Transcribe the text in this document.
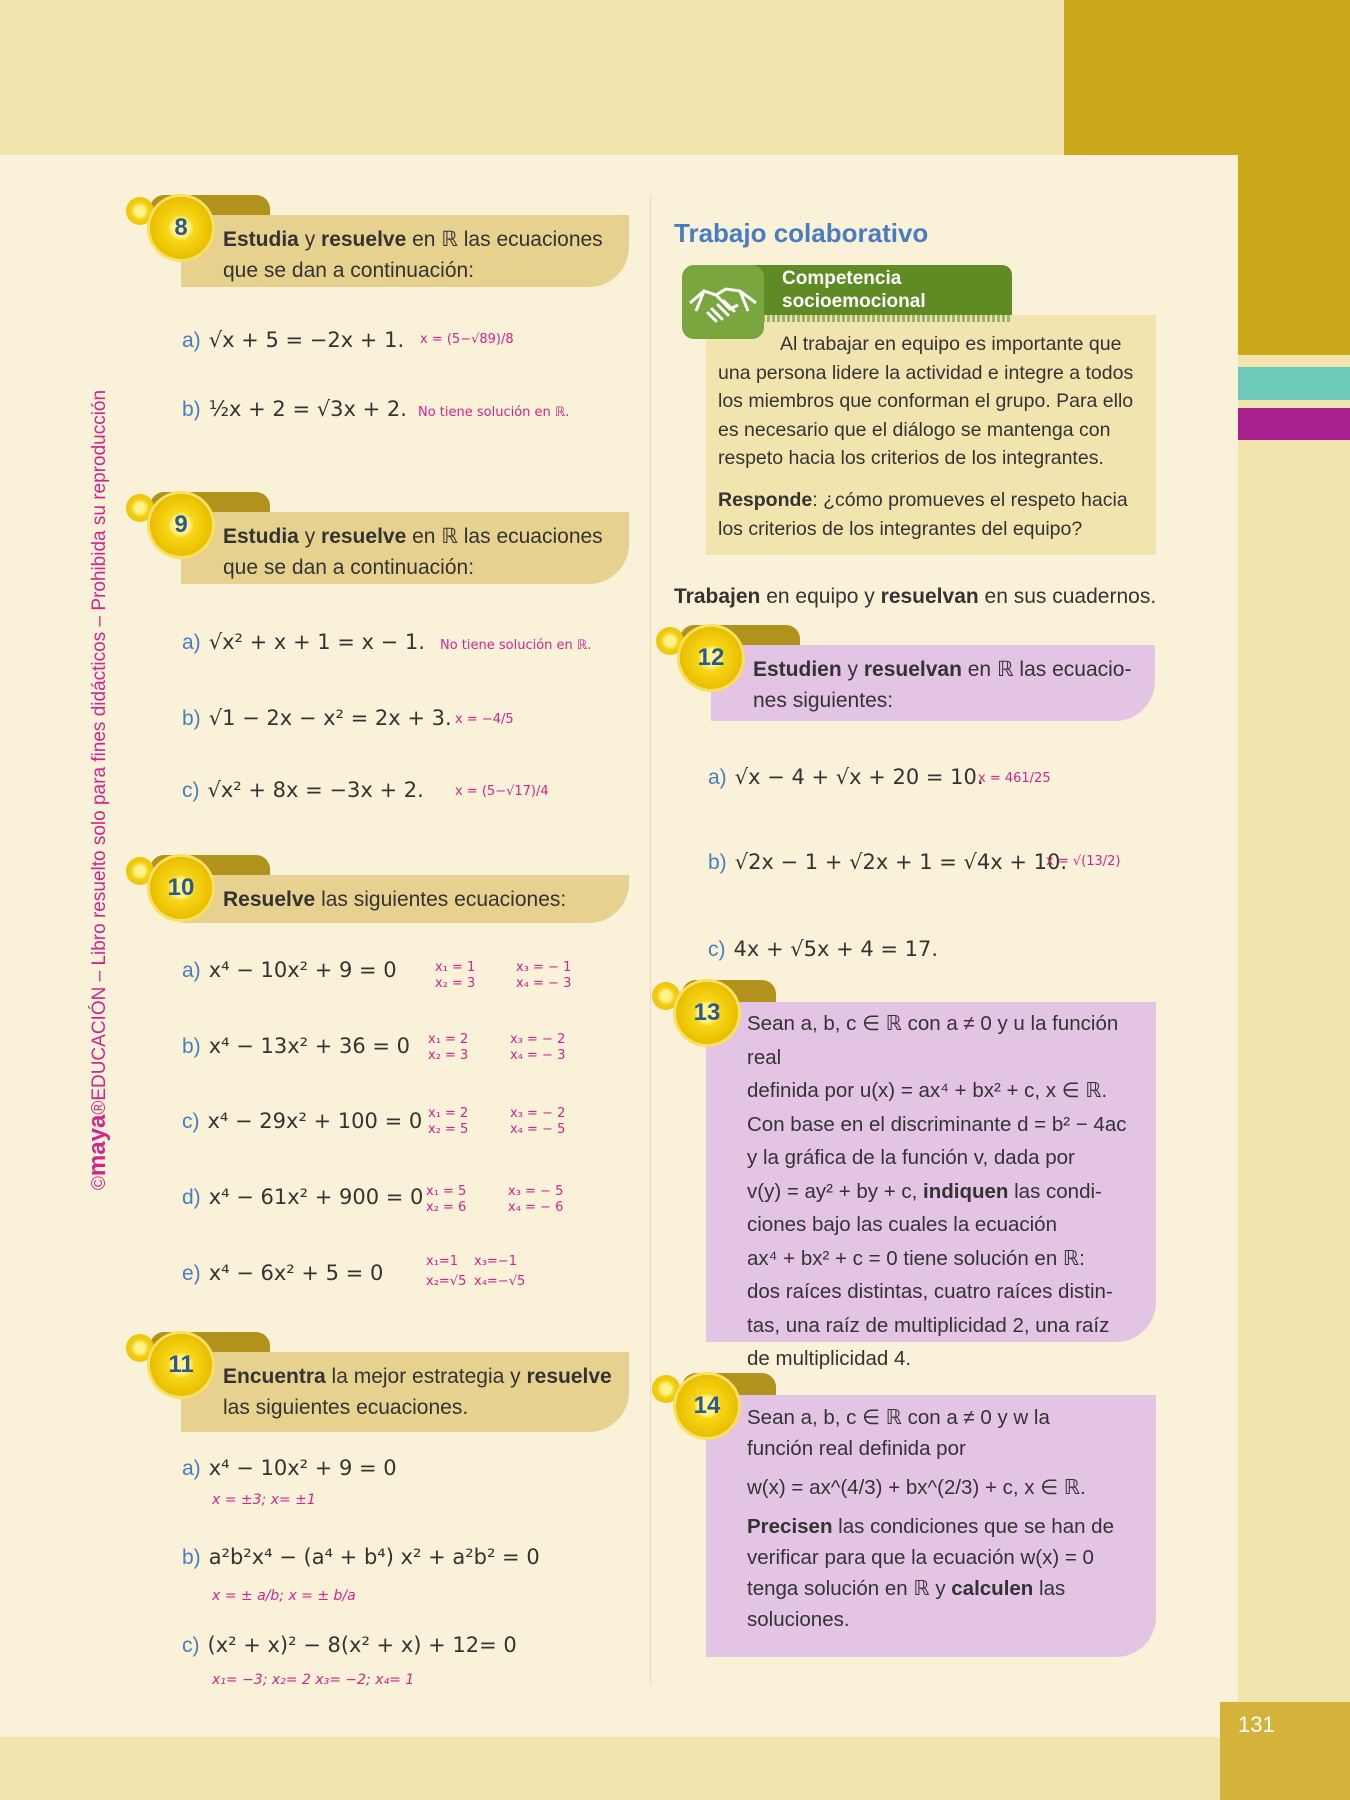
131
©maya®EDUCACIÓN – Libro resuelto solo para fines didácticos – Prohibida su reproducción
Estudia y resuelve en ℝ las ecuaciones
que se dan a continuación:
8
a) √x + 5 = −2x + 1. x = (5−√89)/8
b) ½x + 2 = √3x + 2. No tiene solución en ℝ.
Estudia y resuelve en ℝ las ecuaciones
que se dan a continuación:
9
a) √x² + x + 1 = x − 1. No tiene solución en ℝ.
b) √1 − 2x − x² = 2x + 3. x = −4/5
c) √x² + 8x = −3x + 2. x = (5−√17)/4
Resuelve las siguientes ecuaciones:
10
a) x⁴ − 10x² + 9 = 0	x₁ = 1
x₂ = 3
x₃ = − 1
x₄ = − 3
b) x⁴ − 13x² + 36 = 0 x₁ = 2
x₂ = 3
x₃ = − 2
x₄ = − 3
c) x⁴ − 29x² + 100 = 0 x₁ = 2
x₂ = 5
x₃ = − 2
x₄ = − 5
d) x⁴ − 61x² + 900 = 0 x₁ = 5
x₂ = 6
x₃ = − 5
x₄ = − 6
e) x⁴ − 6x² + 5 = 0	x₁=1
x₂=√5
x₃=−1
x₄=−√5
Encuentra la mejor estrategia y resuelve
las siguientes ecuaciones.
11
a) x⁴ − 10x² + 9 = 0
x = ±3; x= ±1
b) a²b²x⁴ − (a⁴ + b⁴) x² + a²b² = 0
x = ± a/b; x = ± b/a
c) (x² + x)² − 8(x² + x) + 12= 0
x₁= −3; x₂= 2 x₃= −2; x₄= 1
Trabajo colaborativo
Competencia
socioemocional
Al trabajar en equipo es importante que una persona lidere la actividad e integre a todos los miembros que conforman el grupo. Para ello es necesario que el diálogo se mantenga con respeto hacia los criterios de los integrantes.
Responde: ¿cómo promueves el respeto hacia los criterios de los integrantes del equipo?
Trabajen en equipo y resuelvan en sus cuadernos.
Estudien y resuelvan en ℝ las ecuacio-
nes siguientes:
12
a) √x − 4 + √x + 20 = 10.
x = 461/25
b) √2x − 1 + √2x + 1 = √4x + 10.
x = √(13/2)
c) 4x + √5x + 4 = 17.
13	Sean a, b, c ∈ ℝ con a ≠ 0 y u la función real
definida por u(x) = ax⁴ + bx² + c, x ∈ ℝ.
Con base en el discriminante d = b² − 4ac
y la gráfica de la función v, dada por
v(y) = ay² + by + c, indiquen las condi-
ciones bajo las cuales la ecuación
ax⁴ + bx² + c = 0 tiene solución en ℝ:
dos raíces distintas, cuatro raíces distin-
tas, una raíz de multiplicidad 2, una raíz
de multiplicidad 4.
14	Sean a, b, c ∈ ℝ con a ≠ 0 y w la
función real definida por
w(x) = ax^(4/3) + bx^(2/3) + c, x ∈ ℝ.
Precisen las condiciones que se han de
verificar para que la ecuación w(x) = 0
tenga solución en ℝ y calculen las
soluciones.
